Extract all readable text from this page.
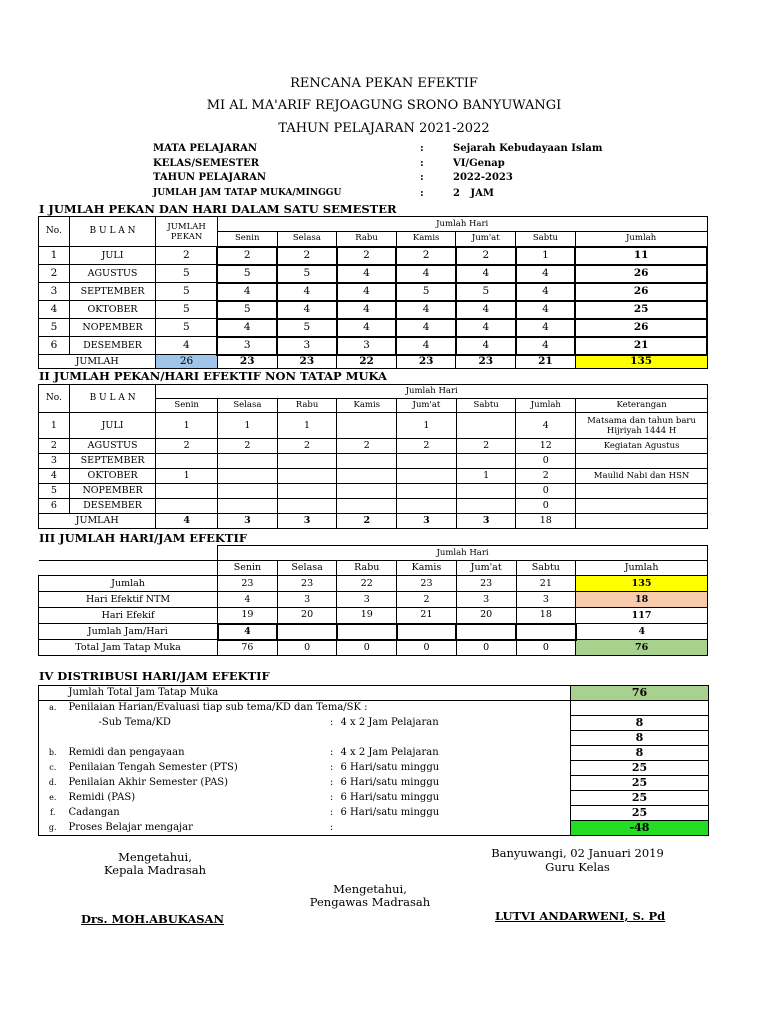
RENCANA PEKAN EFEKTIF
MI AL MA'ARIF REJOAGUNG SRONO BANYUWANGI
TAHUN PELAJARAN 2021-2022
MATA PELAJARAN	:	Sejarah Kebudayaan Islam
KELAS/SEMESTER	:	VI/Genap
TAHUN PELAJARAN	:	2022-2023
JUMLAH JAM TATAP MUKA/MINGGU	:	2   JAM
I JUMLAH PEKAN DAN HARI DALAM SATU SEMESTER
No.	B U L A N	JUMLAH PEKAN	Jumlah Hari						
			Senin	Selasa	Rabu	Kamis	Jum'at	Sabtu	Jumlah
1	JULI	2	2	2	2	2	2	1	11
2	AGUSTUS	5	5	5	4	4	4	4	26
3	SEPTEMBER	5	4	4	4	5	5	4	26
4	OKTOBER	5	5	4	4	4	4	4	25
5	NOPEMBER	5	4	5	4	4	4	4	26
6	DESEMBER	4	3	3	3	4	4	4	21
JUMLAH		26	23	23	22	23	23	21	135
II JUMLAH PEKAN/HARI EFEKTIF NON TATAP MUKA
No.	B U L A N	Jumlah Hari							
		Senin	Selasa	Rabu	Kamis	Jum'at	Sabtu	Jumlah	Keterangan
1	JULI	1	1	1		1		4	Matsama dan tahun baru Hijriyah 1444 H
2	AGUSTUS	2	2	2	2	2	2	12	Kegiatan Agustus
3	SEPTEMBER							0	
4	OKTOBER	1					1	2	Maulid Nabi dan HSN
5	NOPEMBER							0	
6	DESEMBER							0	
JUMLAH		4	3	3	2	3	3	18	
III JUMLAH HARI/JAM EFEKTIF
	Jumlah Hari						
	Senin	Selasa	Rabu	Kamis	Jum'at	Sabtu	Jumlah
Jumlah	23	23	22	23	23	21	135
Hari Efektif NTM	4	3	3	2	3	3	18
Hari Efekif	19	20	19	21	20	18	117
Jumlah Jam/Hari	4						4
Total Jam Tatap Muka	76	0	0	0	0	0	76
IV DISTRIBUSI HARI/JAM EFEKTIF
	Jumlah Total Jam Tatap Muka			76
a.	Penilaian Harian/Evaluasi tiap sub tema/KD dan Tema/SK :			
	-Sub Tema/KD	:	4 x 2 Jam Pelajaran	8
				8
b.	Remidi dan pengayaan	:	4 x 2 Jam Pelajaran	8
c.	Penilaian Tengah Semester (PTS)	:	6 Hari/satu minggu	25
d.	Penilaian Akhir Semester (PAS)	:	6 Hari/satu minggu	25
e.	Remidi (PAS)	:	6 Hari/satu minggu	25
f.	Cadangan	:	6 Hari/satu minggu	25
g.	Proses Belajar mengajar	:		-48
Mengetahui,
Kepala Madrasah
Drs. MOH.ABUKASAN
Mengetahui,
Pengawas Madrasah
Banyuwangi, 02 Januari 2019
Guru Kelas
LUTVI ANDARWENI, S. Pd
